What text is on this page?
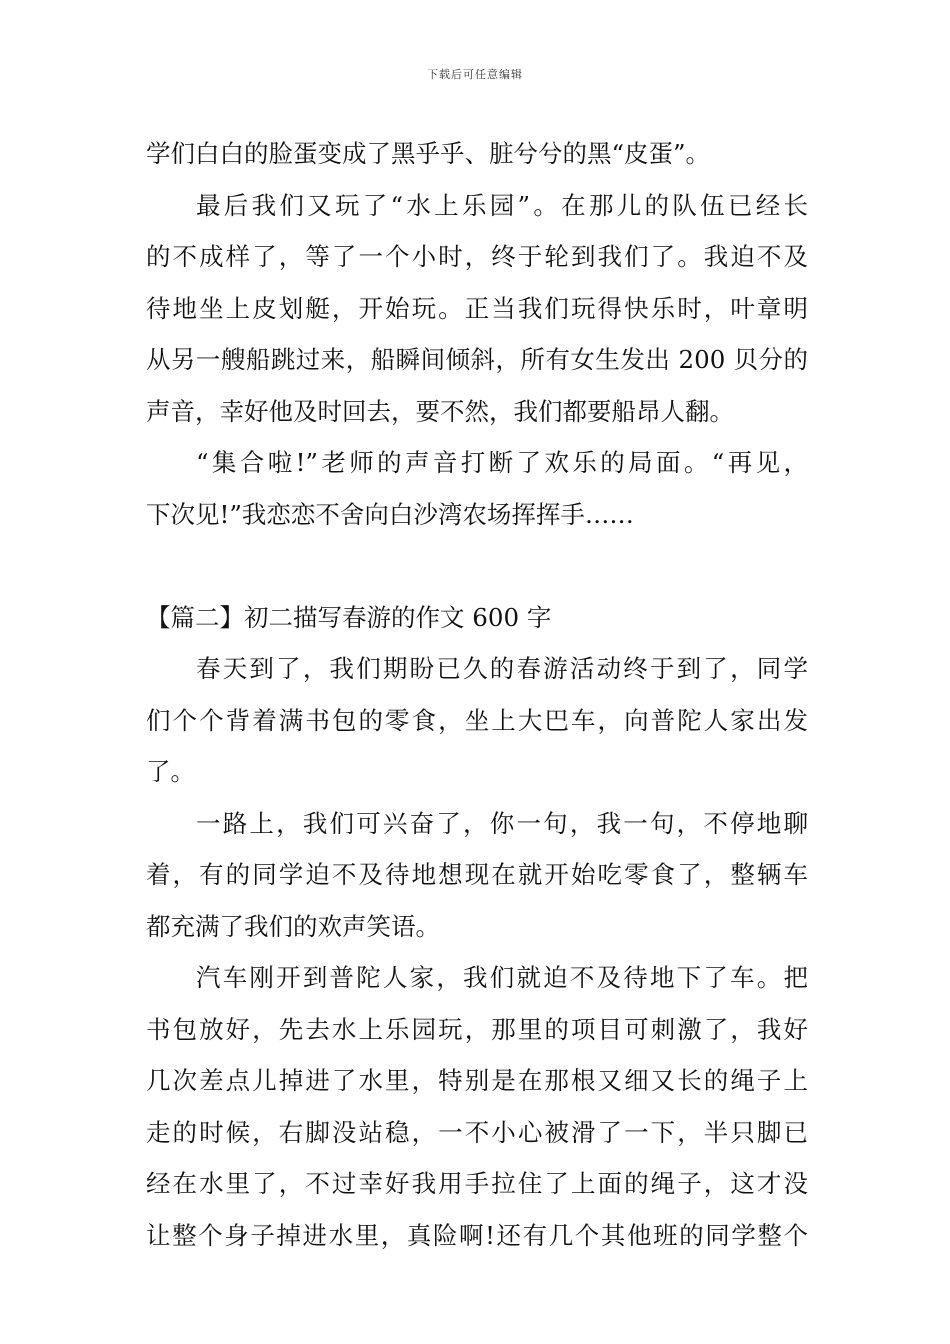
下载后可任意编辑
学们白白的脸蛋变成了黑乎乎、脏兮兮的黑“皮蛋”。
最后我们又玩了“水上乐园”。在那儿的队伍已经长
的不成样了，等了一个小时，终于轮到我们了。我迫不及
待地坐上皮划艇，开始玩。正当我们玩得快乐时，叶章明
从另一艘船跳过来，船瞬间倾斜，所有女生发出 200 贝分的
声音，幸好他及时回去，要不然，我们都要船昂人翻。
“集合啦!”老师的声音打断了欢乐的局面。“再见，
下次见!”我恋恋不舍向白沙湾农场挥挥手……
【篇二】初二描写春游的作文 600 字
春天到了，我们期盼已久的春游活动终于到了，同学
们个个背着满书包的零食，坐上大巴车，向普陀人家出发
了。
一路上，我们可兴奋了，你一句，我一句，不停地聊
着，有的同学迫不及待地想现在就开始吃零食了，整辆车
都充满了我们的欢声笑语。
汽车刚开到普陀人家，我们就迫不及待地下了车。把
书包放好，先去水上乐园玩，那里的项目可刺激了，我好
几次差点儿掉进了水里，特别是在那根又细又长的绳子上
走的时候，右脚没站稳，一不小心被滑了一下，半只脚已
经在水里了，不过幸好我用手拉住了上面的绳子，这才没
让整个身子掉进水里，真险啊!还有几个其他班的同学整个
